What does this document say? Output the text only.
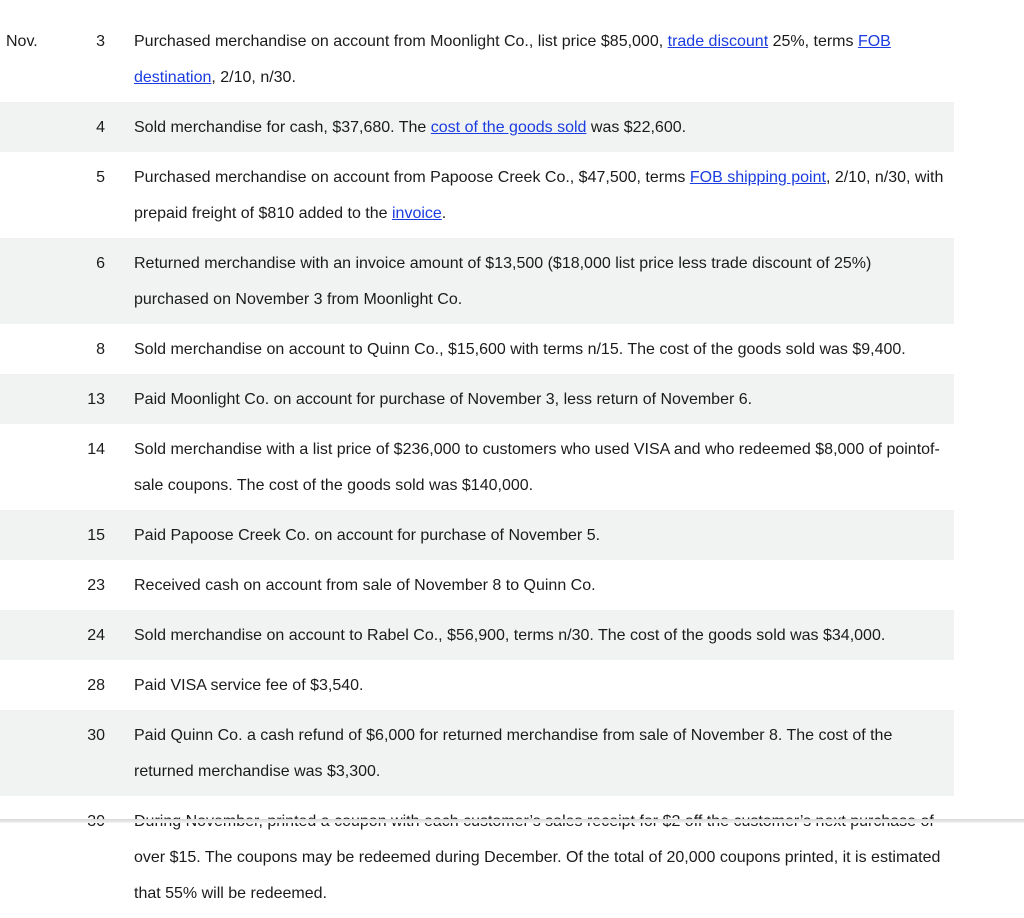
Nov.	3 Purchased merchandise on account from Moonlight Co., list price $85,000, trade discount 25%, terms FOB destination, 2/10, n/30.
4 Sold merchandise for cash, $37,680. The cost of the goods sold was $22,600.
5 Purchased merchandise on account from Papoose Creek Co., $47,500, terms FOB shipping point, 2/10, n/30, with prepaid freight of $810 added to the invoice.
6 Returned merchandise with an invoice amount of $13,500 ($18,000 list price less trade discount of 25%) purchased on November 3 from Moonlight Co.
8 Sold merchandise on account to Quinn Co., $15,600 with terms n/15. The cost of the goods sold was $9,400.
13 Paid Moonlight Co. on account for purchase of November 3, less return of November 6.
14 Sold merchandise with a list price of $236,000 to customers who used VISA and who redeemed $8,000 of pointof- sale coupons. The cost of the goods sold was $140,000.
15 Paid Papoose Creek Co. on account for purchase of November 5.
23 Received cash on account from sale of November 8 to Quinn Co.
24 Sold merchandise on account to Rabel Co., $56,900, terms n/30. The cost of the goods sold was $34,000.
28 Paid VISA service fee of $3,540.
30 Paid Quinn Co. a cash refund of $6,000 for returned merchandise from sale of November 8. The cost of the returned merchandise was $3,300.
over $15. The coupons may be redeemed during December. Of the total of 20,000 coupons printed, it is estimated that 55% will be redeemed.
